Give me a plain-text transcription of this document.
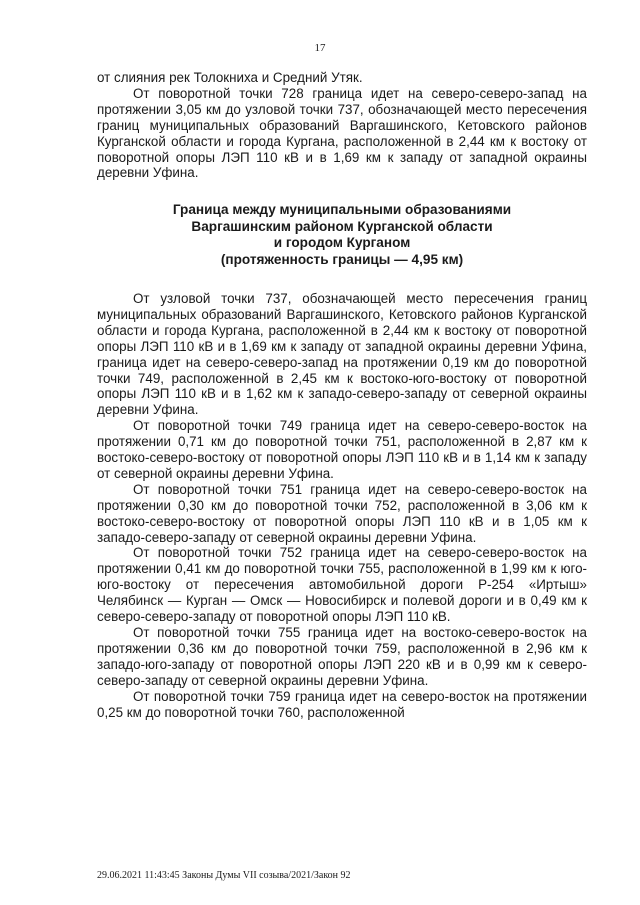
17

от слияния рек Толокниха и Средний Утяк.

От поворотной точки 728 граница идет на северо-северо-запад на протяжении 3,05 км до узловой точки 737, обозначающей место пересечения границ муниципальных образований Варгашинского, Кетовского районов Курганской области и города Кургана, расположенной в 2,44 км к востоку от поворотной опоры ЛЭП 110 кВ и в 1,69 км к западу от западной окраины деревни Уфина.

Граница между муниципальными образованиями
Варгашинским районом Курганской области
и городом Курганом
(протяженность границы — 4,95 км)

От узловой точки 737, обозначающей место пересечения границ муниципальных образований Варгашинского, Кетовского районов Курганской области и города Кургана, расположенной в 2,44 км к востоку от поворотной опоры ЛЭП 110 кВ и в 1,69 км к западу от западной окраины деревни Уфина, граница идет на северо-северо-запад на протяжении 0,19 км до поворотной точки 749, расположенной в 2,45 км к востоко-юго-востоку от поворотной опоры ЛЭП 110 кВ и в 1,62 км к западо-северо-западу от северной окраины деревни Уфина.

От поворотной точки 749 граница идет на северо-северо-восток на протяжении 0,71 км до поворотной точки 751, расположенной в 2,87 км к востоко-северо-востоку от поворотной опоры ЛЭП 110 кВ и в 1,14 км к западу от северной окраины деревни Уфина.

От поворотной точки 751 граница идет на северо-северо-восток на протяжении 0,30 км до поворотной точки 752, расположенной в 3,06 км к востоко-северо-востоку от поворотной опоры ЛЭП 110 кВ и в 1,05 км к западо-северо-западу от северной окраины деревни Уфина.

От поворотной точки 752 граница идет на северо-северо-восток на протяжении 0,41 км до поворотной точки 755, расположенной в 1,99 км к юго-юго-востоку от пересечения автомобильной дороги Р-254 «Иртыш» Челябинск — Курган — Омск — Новосибирск и полевой дороги и в 0,49 км к северо-северо-западу от поворотной опоры ЛЭП 110 кВ.

От поворотной точки 755 граница идет на востоко-северо-восток на протяжении 0,36 км до поворотной точки 759, расположенной в 2,96 км к западо-юго-западу от поворотной опоры ЛЭП 220 кВ и в 0,99 км к северо-северо-западу от северной окраины деревни Уфина.

От поворотной точки 759 граница идет на северо-восток на протяжении 0,25 км до поворотной точки 760, расположенной

29.06.2021 11:43:45 Законы Думы VII созыва/2021/Закон 92
